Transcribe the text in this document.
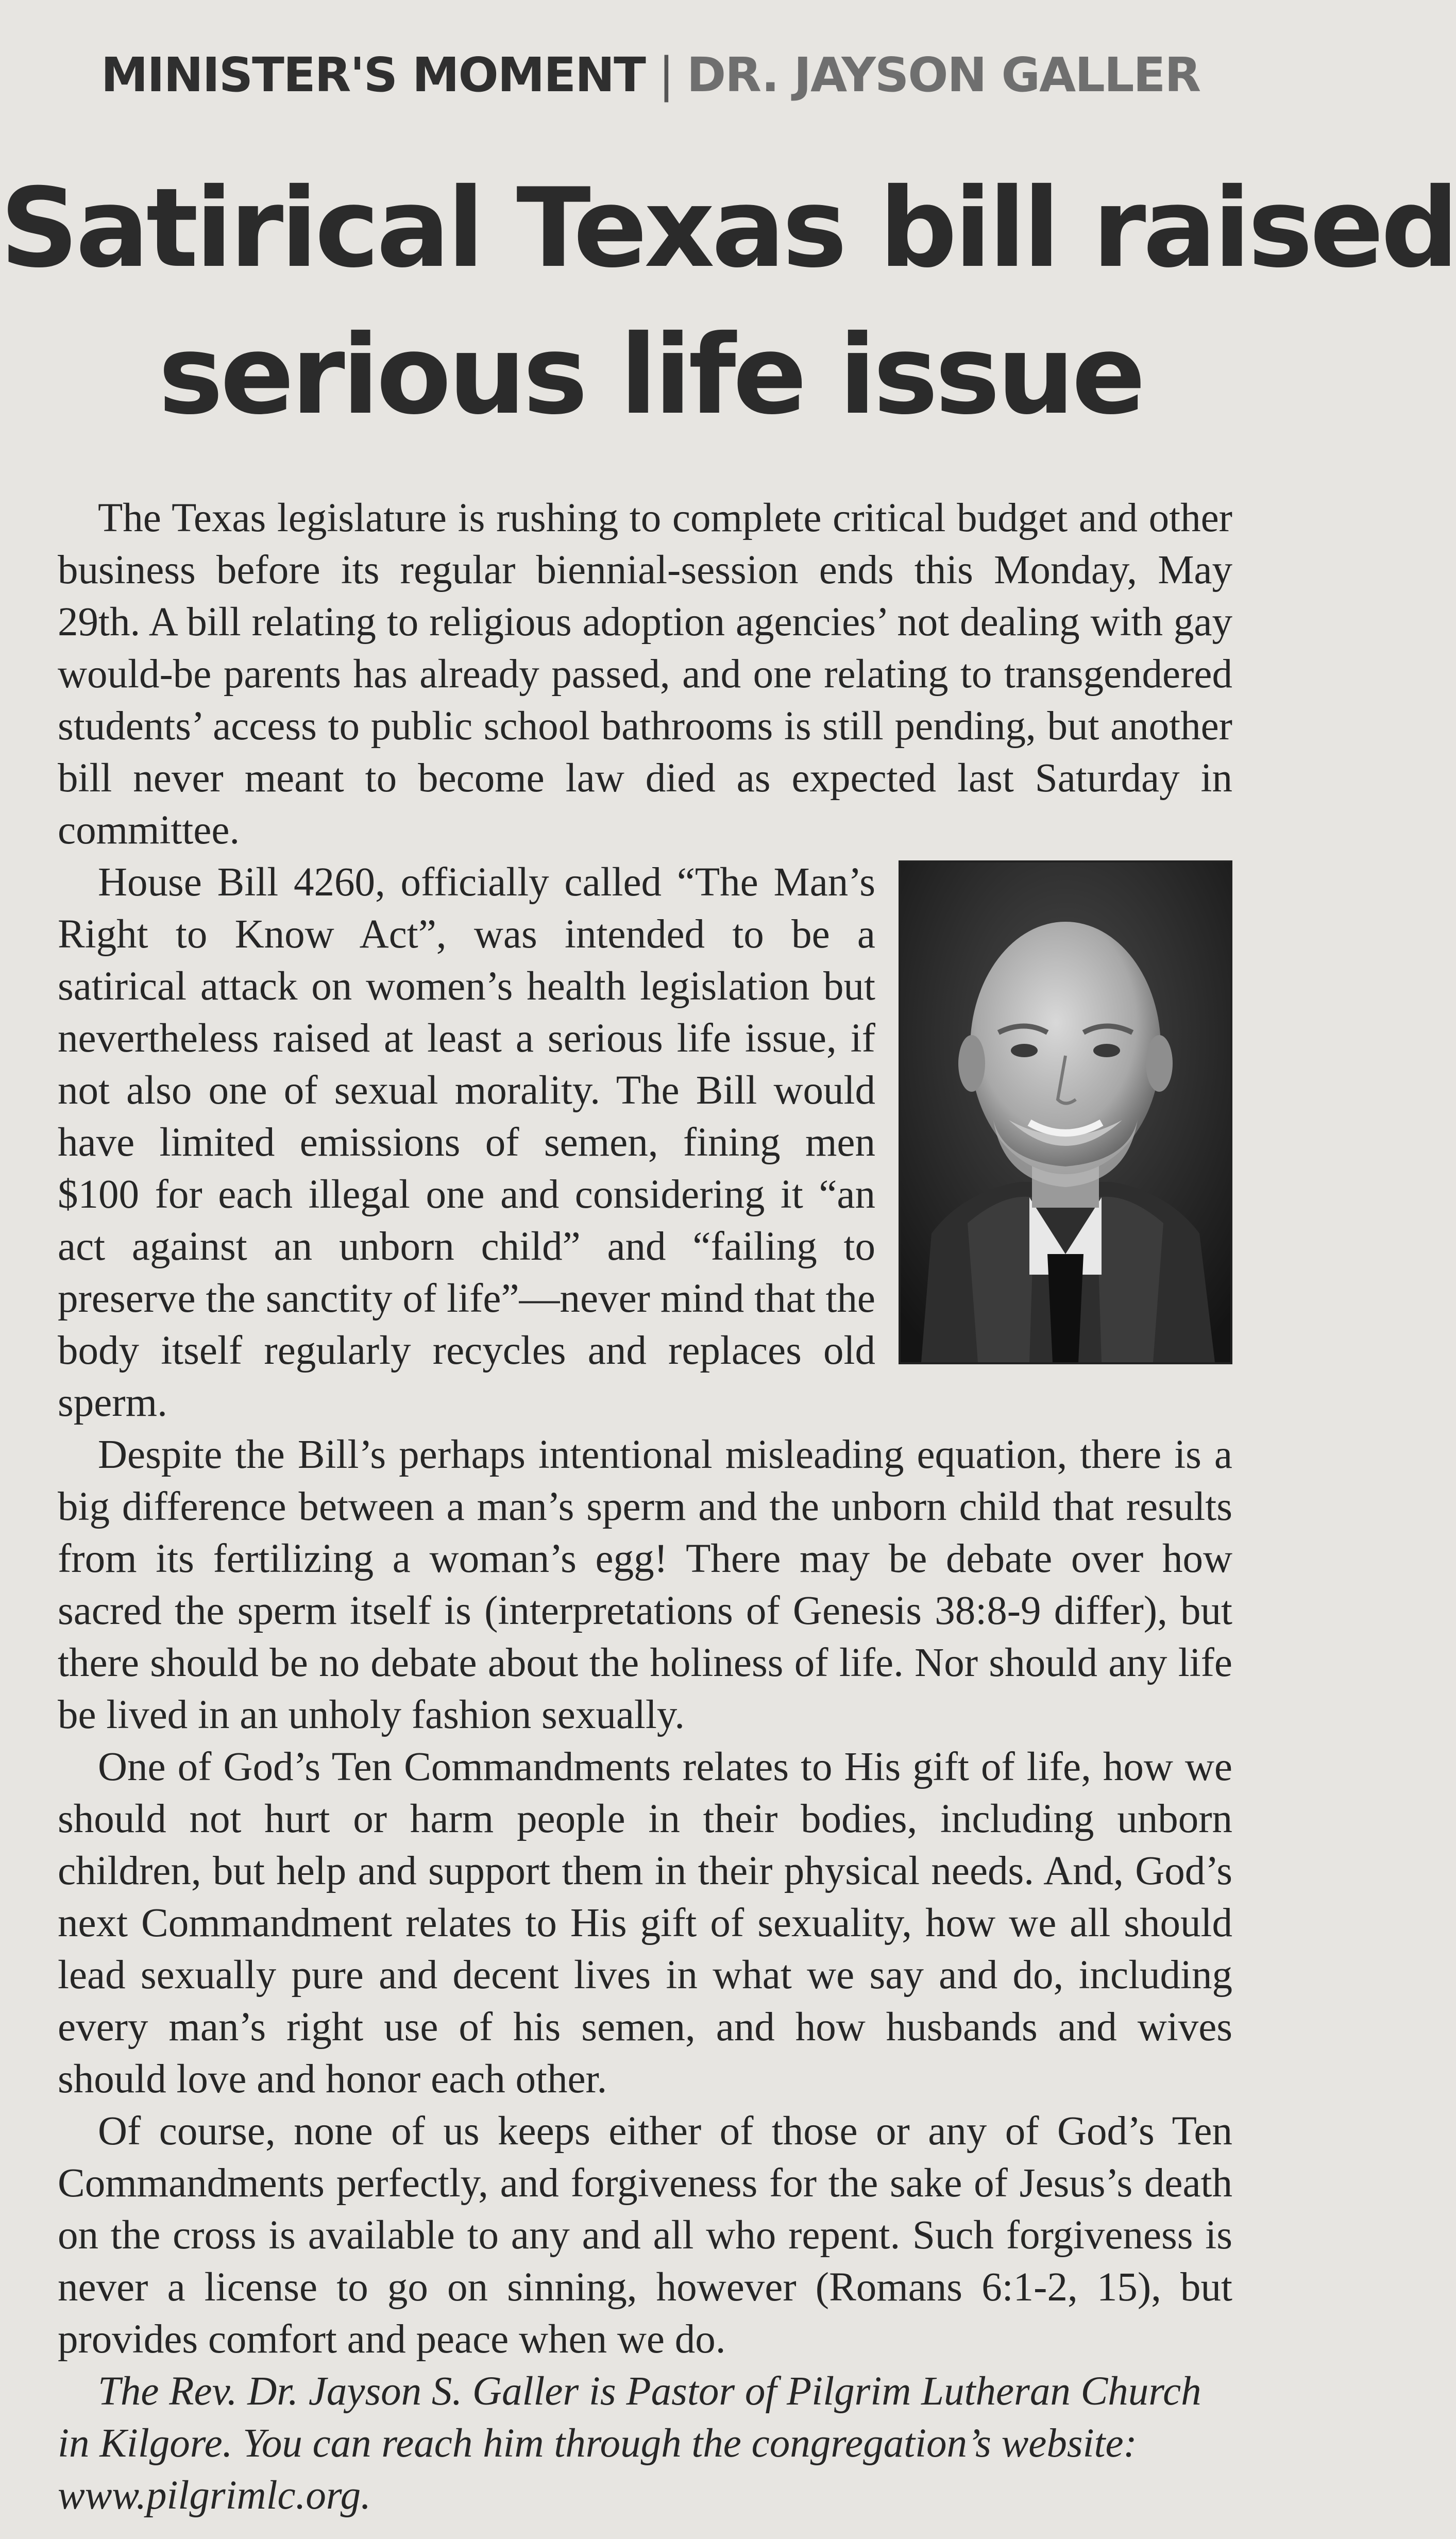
MINISTER'S MOMENT | DR. JAYSON GALLER
Satirical Texas bill raised
serious life issue

The Texas legislature is rushing to complete critical budget and other business before its regular biennial-session ends this Monday, May 29th. A bill relating to religious adoption agencies’ not dealing with gay would-be parents has already passed, and one relating to transgendered students’ access to public school bathrooms is still pending, but another bill never meant to become law died as expected last Saturday in committee.

House Bill 4260, officially called “The Man’s Right to Know Act”, was intended to be a satirical attack on women’s health legislation but nevertheless raised at least a serious life issue, if not also one of sexual morality. The Bill would have limited emissions of semen, fining men $100 for each illegal one and considering it “an act against an unborn child” and “failing to preserve the sanctity of life”—never mind that the body itself regularly recycles and replaces old sperm.

Despite the Bill’s perhaps intentional misleading equation, there is a big difference between a man’s sperm and the unborn child that results from its fertilizing a woman’s egg! There may be debate over how sacred the sperm itself is (interpretations of Genesis 38:8-9 differ), but there should be no debate about the holiness of life. Nor should any life be lived in an unholy fashion sexually.

One of God’s Ten Commandments relates to His gift of life, how we should not hurt or harm people in their bodies, including unborn children, but help and support them in their physical needs. And, God’s next Commandment relates to His gift of sexuality, how we all should lead sexually pure and decent lives in what we say and do, including every man’s right use of his semen, and how husbands and wives should love and honor each other.

Of course, none of us keeps either of those or any of God’s Ten Commandments perfectly, and forgiveness for the sake of Jesus’s death on the cross is available to any and all who repent. Such forgiveness is never a license to go on sinning, however (Romans 6:1-2, 15), but provides comfort and peace when we do.

The Rev. Dr. Jayson S. Galler is Pastor of Pilgrim Lutheran Church in Kilgore. You can reach him through the congregation’s website: www.pilgrimlc.org.
